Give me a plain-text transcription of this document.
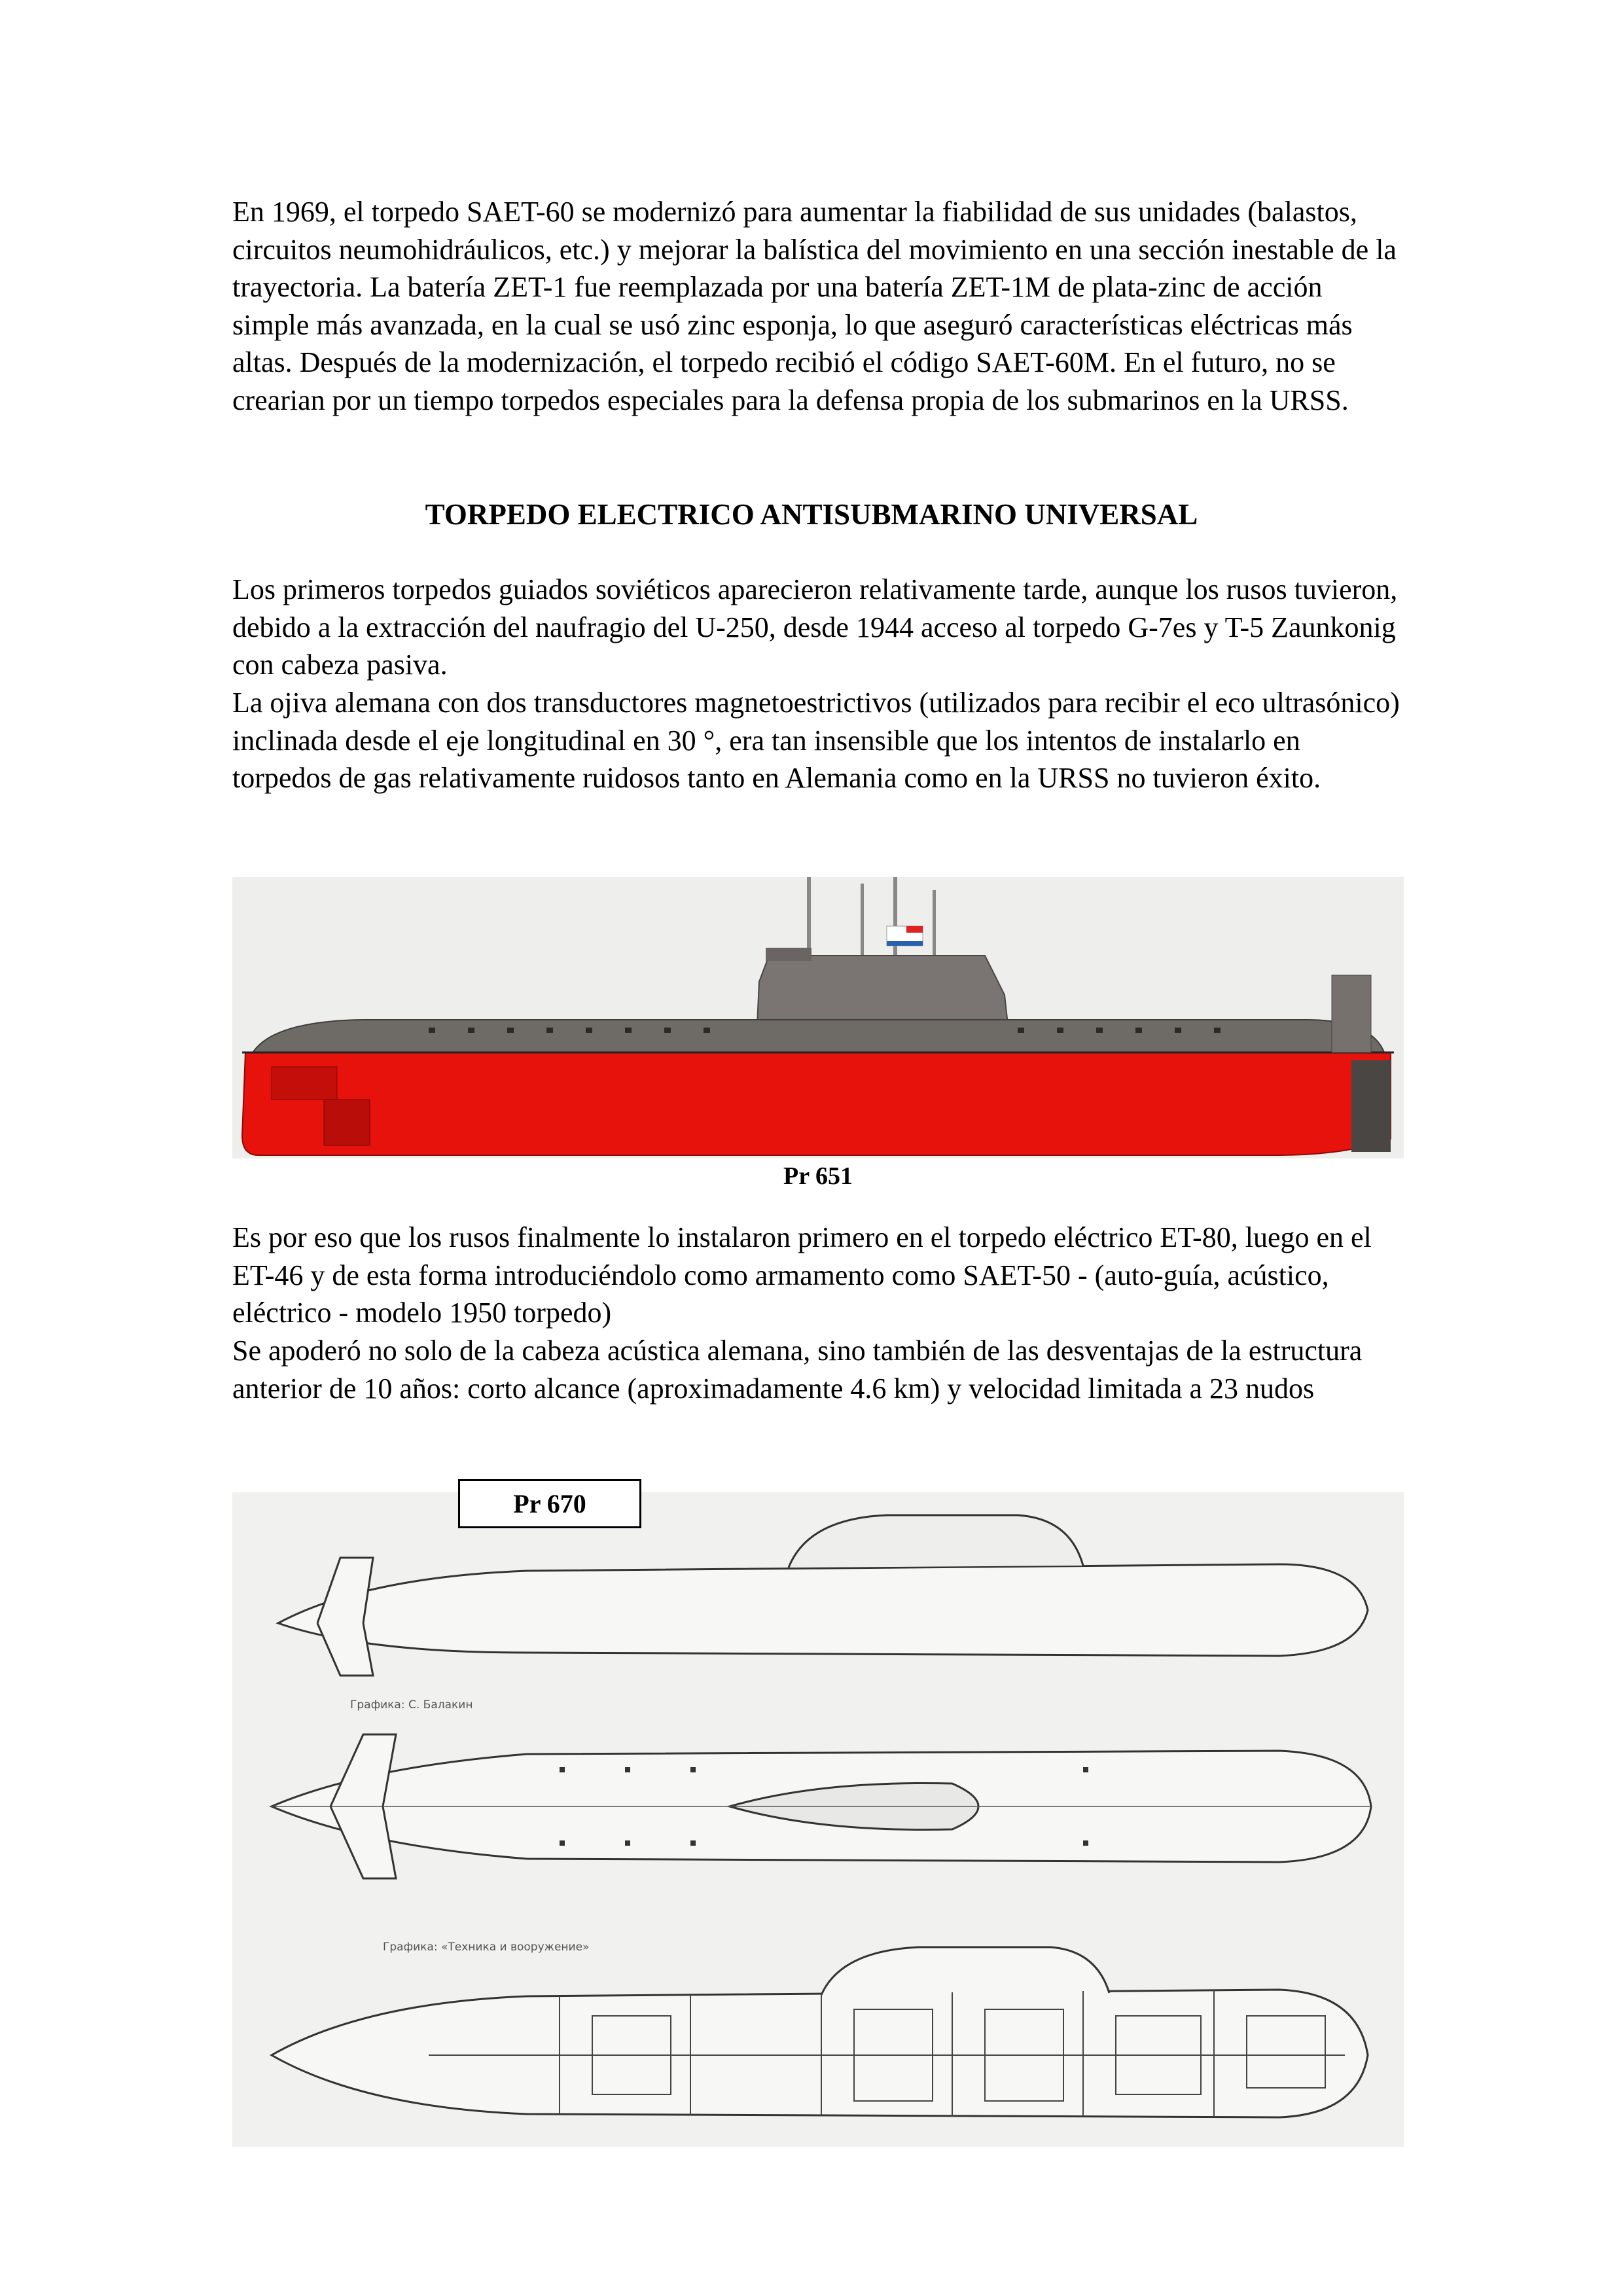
En 1969, el torpedo SAET-60 se modernizó para aumentar la fiabilidad de sus unidades (balastos, circuitos neumohidráulicos, etc.) y mejorar la balística del movimiento en una sección inestable de la trayectoria. La batería ZET-1 fue reemplazada por una batería ZET-1M de plata-zinc de acción simple más avanzada, en la cual se usó zinc esponja, lo que aseguró características eléctricas más altas. Después de la modernización, el torpedo recibió el código SAET-60M. En el futuro, no se crearian por un tiempo torpedos especiales para la defensa propia de los submarinos en la URSS.

TORPEDO ELECTRICO ANTISUBMARINO UNIVERSAL

Los primeros torpedos guiados soviéticos aparecieron relativamente tarde, aunque los rusos tuvieron, debido a la extracción del naufragio del U-250, desde 1944 acceso al torpedo G-7es y T-5 Zaunkonig con cabeza pasiva.

La ojiva alemana con dos transductores magnetoestrictivos (utilizados para recibir el eco ultrasónico) inclinada desde el eje longitudinal en 30 °, era tan insensible que los intentos de instalarlo en torpedos de gas relativamente ruidosos tanto en Alemania como en la URSS no tuvieron éxito.

Pr 651

Es por eso que los rusos finalmente lo instalaron primero en el torpedo eléctrico ET-80, luego en el ET-46 y de esta forma introduciéndolo como armamento como SAET-50 - (auto-guía, acústico, eléctrico - modelo 1950 torpedo)

Se apoderó no solo de la cabeza acústica alemana, sino también de las desventajas de la estructura anterior de 10 años: corto alcance (aproximadamente 4.6 km) y velocidad limitada a 23 nudos

Графика: С. Балакин
Графика: «Техника и вооружение»
Pr 670
